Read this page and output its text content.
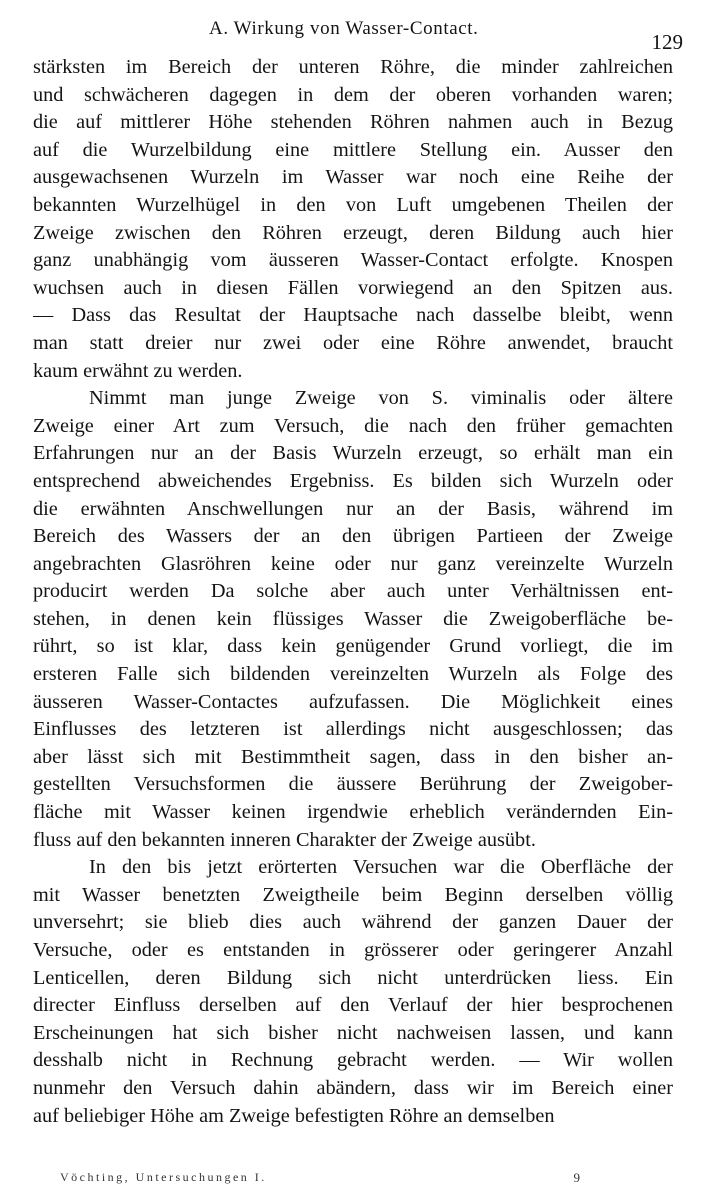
A. Wirkung von Wasser-Contact.
129
stärksten im Bereich der unteren Röhre, die minder zahlreichen
und schwächeren dagegen in dem der oberen vorhanden waren;
die auf mittlerer Höhe stehenden Röhren nahmen auch in Bezug
auf die Wurzelbildung eine mittlere Stellung ein. Ausser den
ausgewachsenen Wurzeln im Wasser war noch eine Reihe der
bekannten Wurzelhügel in den von Luft umgebenen Theilen der
Zweige zwischen den Röhren erzeugt, deren Bildung auch hier
ganz unabhängig vom äusseren Wasser-Contact erfolgte. Knospen
wuchsen auch in diesen Fällen vorwiegend an den Spitzen aus.
— Dass das Resultat der Hauptsache nach dasselbe bleibt, wenn
man statt dreier nur zwei oder eine Röhre anwendet, braucht
kaum erwähnt zu werden.
Nimmt man junge Zweige von S. viminalis oder ältere
Zweige einer Art zum Versuch, die nach den früher gemachten
Erfahrungen nur an der Basis Wurzeln erzeugt, so erhält man ein
entsprechend abweichendes Ergebniss. Es bilden sich Wurzeln oder
die erwähnten Anschwellungen nur an der Basis, während im
Bereich des Wassers der an den übrigen Partieen der Zweige
angebrachten Glasröhren keine oder nur ganz vereinzelte Wurzeln
producirt werden Da solche aber auch unter Verhältnissen ent-
stehen, in denen kein flüssiges Wasser die Zweigoberfläche be-
rührt, so ist klar, dass kein genügender Grund vorliegt, die im
ersteren Falle sich bildenden vereinzelten Wurzeln als Folge des
äusseren Wasser-Contactes aufzufassen. Die Möglichkeit eines
Einflusses des letzteren ist allerdings nicht ausgeschlossen; das
aber lässt sich mit Bestimmtheit sagen, dass in den bisher an-
gestellten Versuchsformen die äussere Berührung der Zweigober-
fläche mit Wasser keinen irgendwie erheblich verändernden Ein-
fluss auf den bekannten inneren Charakter der Zweige ausübt.
In den bis jetzt erörterten Versuchen war die Oberfläche der
mit Wasser benetzten Zweigtheile beim Beginn derselben völlig
unversehrt; sie blieb dies auch während der ganzen Dauer der
Versuche, oder es entstanden in grösserer oder geringerer Anzahl
Lenticellen, deren Bildung sich nicht unterdrücken liess. Ein
directer Einfluss derselben auf den Verlauf der hier besprochenen
Erscheinungen hat sich bisher nicht nachweisen lassen, und kann
desshalb nicht in Rechnung gebracht werden. — Wir wollen
nunmehr den Versuch dahin abändern, dass wir im Bereich einer
auf beliebiger Höhe am Zweige befestigten Röhre an demselben
Vöchting, Untersuchungen I.	9
